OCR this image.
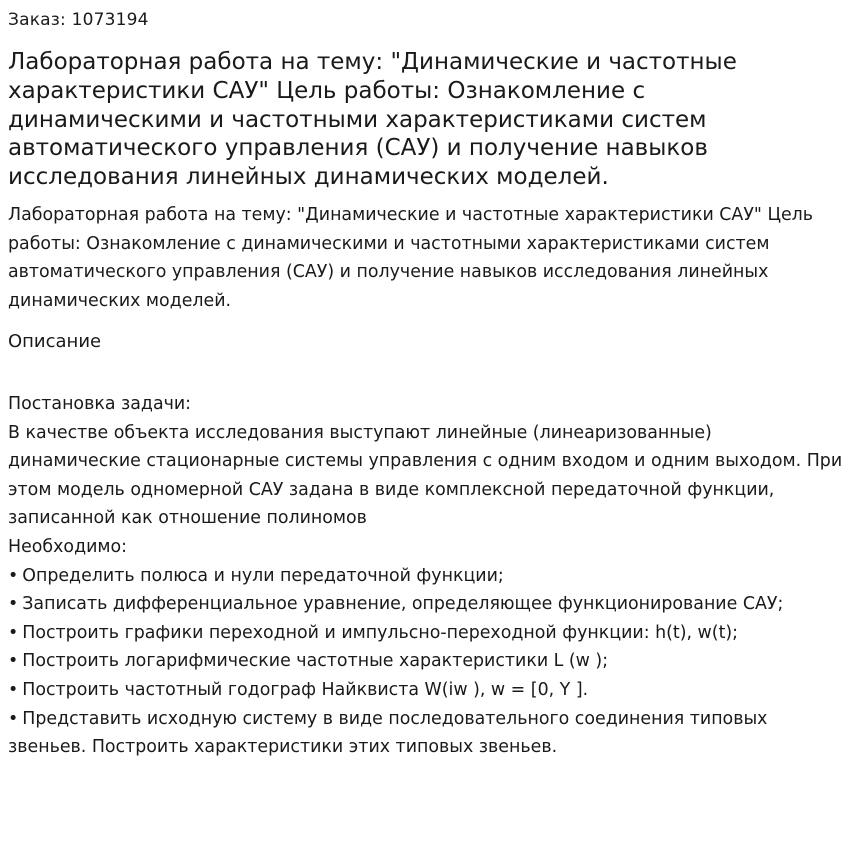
Заказ: 1073194
Лабораторная работа на тему: "Динамические и частотные характеристики САУ" Цель работы: Ознакомление с динамическими и частотными характеристиками систем автоматического управления (САУ) и получение навыков исследования линейных динамических моделей.

Лабораторная работа на тему: "Динамические и частотные характеристики САУ" Цель работы: Ознакомление с динамическими и частотными характеристиками систем автоматического управления (САУ) и получение навыков исследования линейных динамических моделей.

Описание

Постановка задачи:

В качестве объекта исследования выступают линейные (линеаризованные) динамические стационарные системы управления с одним входом и одним выходом. При этом модель одномерной САУ задана в виде комплексной передаточной функции, записанной как отношение полиномов

Необходимо:

• Определить полюса и нули передаточной функции;
• Записать дифференциальное уравнение, определяющее функционирование САУ;
• Построить графики переходной и импульсно-переходной функции: h(t), w(t);
• Построить логарифмические частотные характеристики L (w );
• Построить частотный годограф Найквиста W(iw ), w = [0, Y ].
• Представить исходную систему в виде последовательного соединения типовых звеньев. Построить характеристики этих типовых звеньев.
